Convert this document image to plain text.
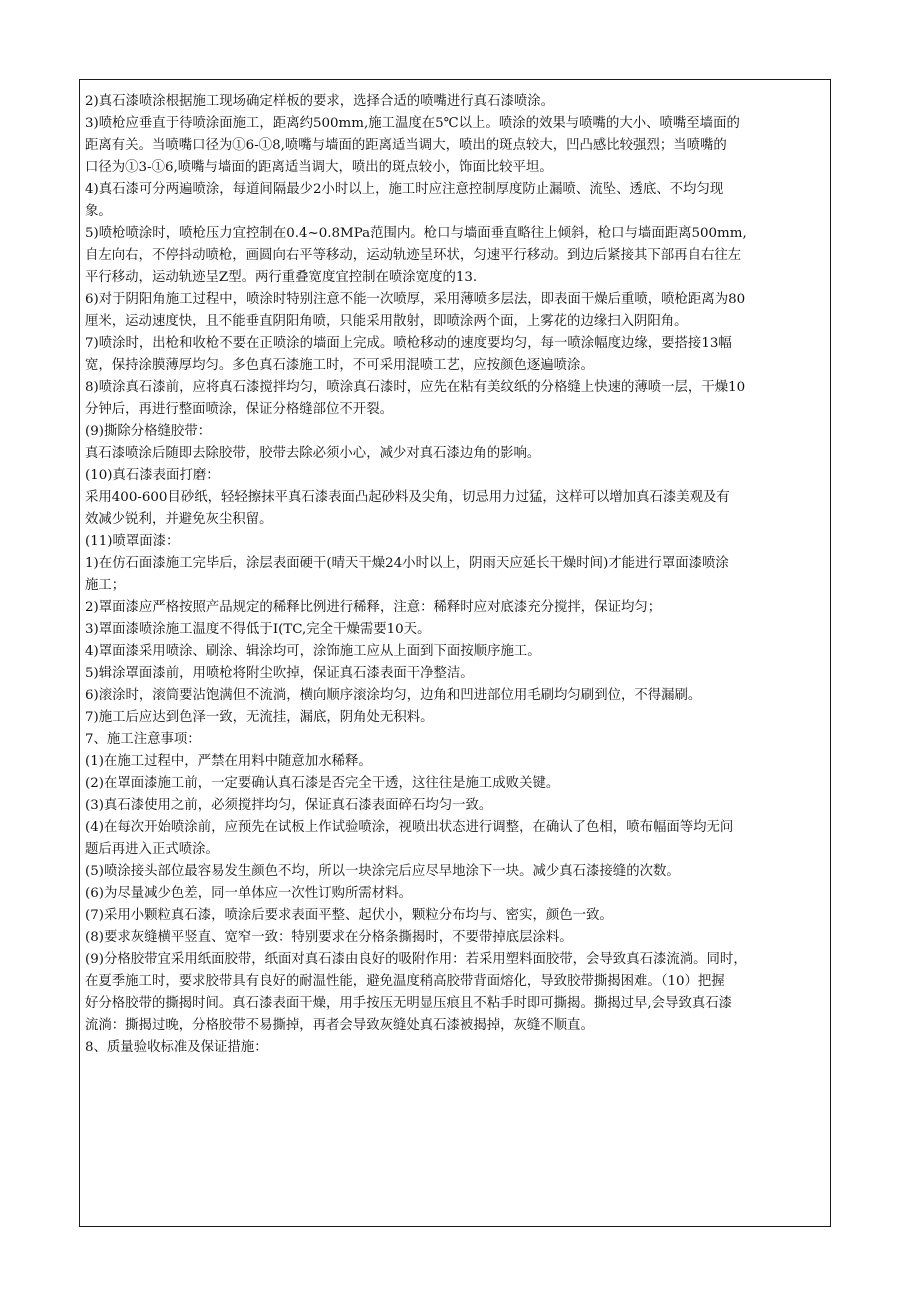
2)真石漆喷涂根据施工现场确定样板的要求，选择合适的喷嘴进行真石漆喷涂。
3)喷枪应垂直于待喷涂面施工，距离约500mm,施工温度在5℃以上。喷涂的效果与喷嘴的大小、喷嘴至墙面的
距离有关。当喷嘴口径为①6-①8,喷嘴与墙面的距离适当调大，喷出的斑点较大，凹凸感比较强烈；当喷嘴的
口径为①3-①6,喷嘴与墙面的距离适当调大，喷出的斑点较小，饰面比较平坦。
4)真石漆可分两遍喷涂，每道间隔最少2小时以上，施工时应注意控制厚度防止漏喷、流坠、透底、不均匀现
象。
5)喷枪喷涂时，喷枪压力宜控制在0.4~0.8MPa范围内。枪口与墙面垂直略往上倾斜，枪口与墙面距离500mm,
自左向右，不停抖动喷枪，画圆向右平等移动，运动轨迹呈环状，匀速平行移动。到边后紧接其下部再自右往左
平行移动，运动轨迹呈Z型。两行重叠宽度宜控制在喷涂宽度的13.
6)对于阴阳角施工过程中，喷涂时特别注意不能一次喷厚，采用薄喷多层法，即表面干燥后重喷，喷枪距离为80
厘米，运动速度快，且不能垂直阴阳角喷，只能采用散射，即喷涂两个面，上雾花的边缘扫入阴阳角。
7)喷涂时，出枪和收枪不要在正喷涂的墙面上完成。喷枪移动的速度要均匀，每一喷涂幅度边缘，要搭接13幅
宽，保持涂膜薄厚均匀。多色真石漆施工时，不可采用混喷工艺，应按颜色逐遍喷涂。
8)喷涂真石漆前，应将真石漆搅拌均匀，喷涂真石漆时，应先在粘有美纹纸的分格缝上快速的薄喷一层，干燥10
分钟后，再进行整面喷涂，保证分格缝部位不开裂。
(9)撕除分格缝胶带：
真石漆喷涂后随即去除胶带，胶带去除必须小心，减少对真石漆边角的影响。
(10)真石漆表面打磨：
采用400-600目砂纸，轻轻擦抹平真石漆表面凸起砂料及尖角，切忌用力过猛，这样可以增加真石漆美观及有
效减少锐利，并避免灰尘积留。
(11)喷罩面漆：
1)在仿石面漆施工完毕后，涂层表面硬干(晴天干燥24小时以上，阴雨天应延长干燥时间)才能进行罩面漆喷涂
施工；
2)罩面漆应严格按照产品规定的稀释比例进行稀释，注意：稀释时应对底漆充分搅拌，保证均匀；
3)罩面漆喷涂施工温度不得低于I(TC,完全干燥需要10天。
4)罩面漆采用喷涂、刷涂、辑涂均可，涂饰施工应从上面到下面按顺序施工。
5)辑涂罩面漆前，用喷枪将附尘吹掉，保证真石漆表面干净整洁。
6)滚涂时，滚筒要沾饱满但不流淌，横向顺序滚涂均匀，边角和凹进部位用毛刷均匀刷到位，不得漏刷。
7)施工后应达到色泽一致，无流挂，漏底，阴角处无积料。
7、施工注意事项：
(1)在施工过程中，严禁在用料中随意加水稀释。
(2)在罩面漆施工前，一定要确认真石漆是否完全干透，这往往是施工成败关键。
(3)真石漆使用之前，必须搅拌均匀，保证真石漆表面碎石均匀一致。
(4)在每次开始喷涂前，应预先在试板上作试验喷涂，视喷出状态进行调整，在确认了色相，喷布幅面等均无问
题后再进入正式喷涂。
(5)喷涂接头部位最容易发生颜色不均，所以一块涂完后应尽早地涂下一块。减少真石漆接缝的次数。
(6)为尽量减少色差，同一单体应一次性订购所需材料。
(7)采用小颗粒真石漆，喷涂后要求表面平整、起伏小，颗粒分布均与、密实，颜色一致。
(8)要求灰缝横平竖直、宽窄一致：特别要求在分格条撕揭时，不要带掉底层涂料。
(9)分格胶带宜采用纸面胶带，纸面对真石漆由良好的吸附作用：若采用塑料面胶带，会导致真石漆流淌。同时，
在夏季施工时，要求胶带具有良好的耐温性能，避免温度稍高胶带背面熔化，导致胶带撕揭困难。（10）把握
好分格胶带的撕揭时间。真石漆表面干燥，用手按压无明显压痕且不粘手时即可撕揭。撕揭过早,会导致真石漆
流淌：撕揭过晚，分格胶带不易撕掉，再者会导致灰缝处真石漆被揭掉，灰缝不顺直。
8、质量验收标准及保证措施：
